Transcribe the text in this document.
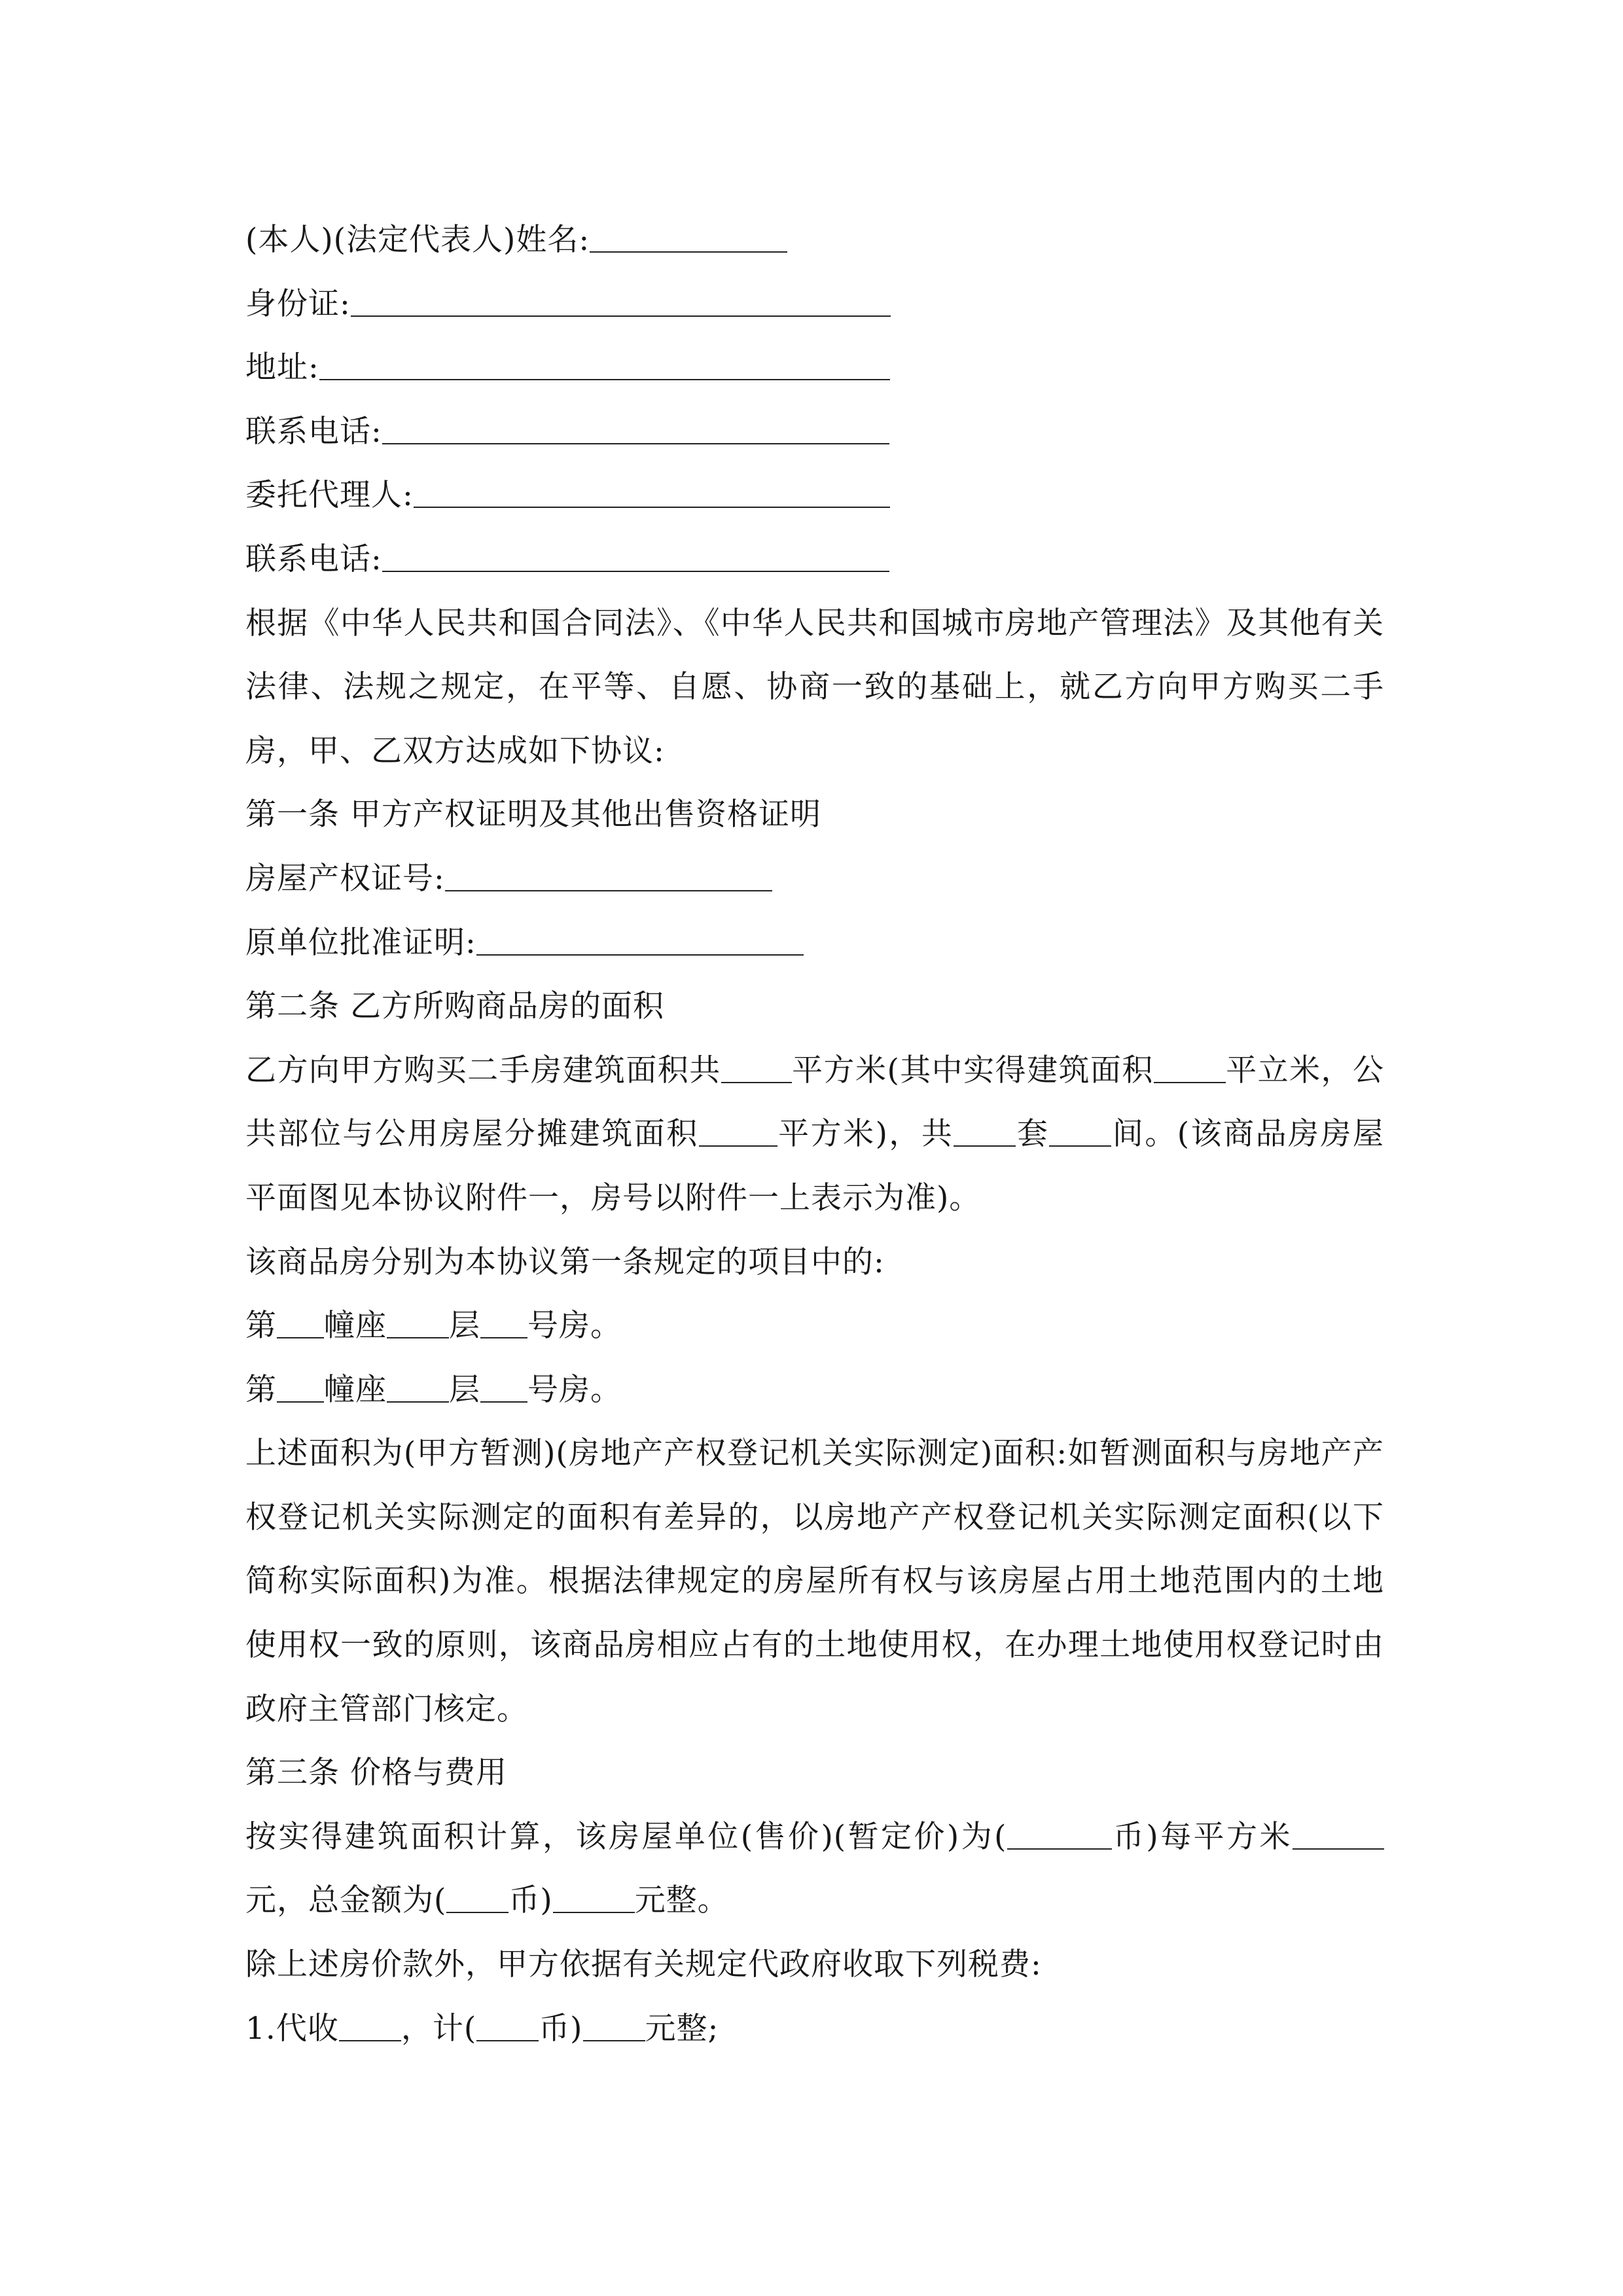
(本人)(法定代表人)姓名:
身份证:
地址:
联系电话:
委托代理人:
联系电话:
根据《中华人民共和国合同法》、《中华人民共和国城市房地产管理法》及其他有关法律、法规之规定，在平等、自愿、协商一致的基础上，就乙方向甲方购买二手房，甲、乙双方达成如下协议:
第一条 甲方产权证明及其他出售资格证明
房屋产权证号:
原单位批准证明:
第二条 乙方所购商品房的面积
乙方向甲方购买二手房建筑面积共 平方米(其中实得建筑面积 平立米，公共部位与公用房屋分摊建筑面积	平方米)，共 套 间。(该商品房房屋平面图见本协议附件一，房号以附件一上表示为准)。
该商品房分别为本协议第一条规定的项目中的:
第 幢座 层 号房。
第 幢座 层 号房。
上述面积为(甲方暂测)(房地产产权登记机关实际测定)面积:如暂测面积与房地产产权登记机关实际测定的面积有差异的，以房地产产权登记机关实际测定面积(以下简称实际面积)为准。根据法律规定的房屋所有权与该房屋占用土地范围内的土地使用权一致的原则，该商品房相应占有的土地使用权，在办理土地使用权登记时由政府主管部门核定。
第三条 价格与费用
按实得建筑面积计算，该房屋单位(售价)(暂定价)为(	币)每平方米元，总金额为( 币)	元整。
除上述房价款外，甲方依据有关规定代政府收取下列税费:
1.代收 ，计( 币) 元整;
